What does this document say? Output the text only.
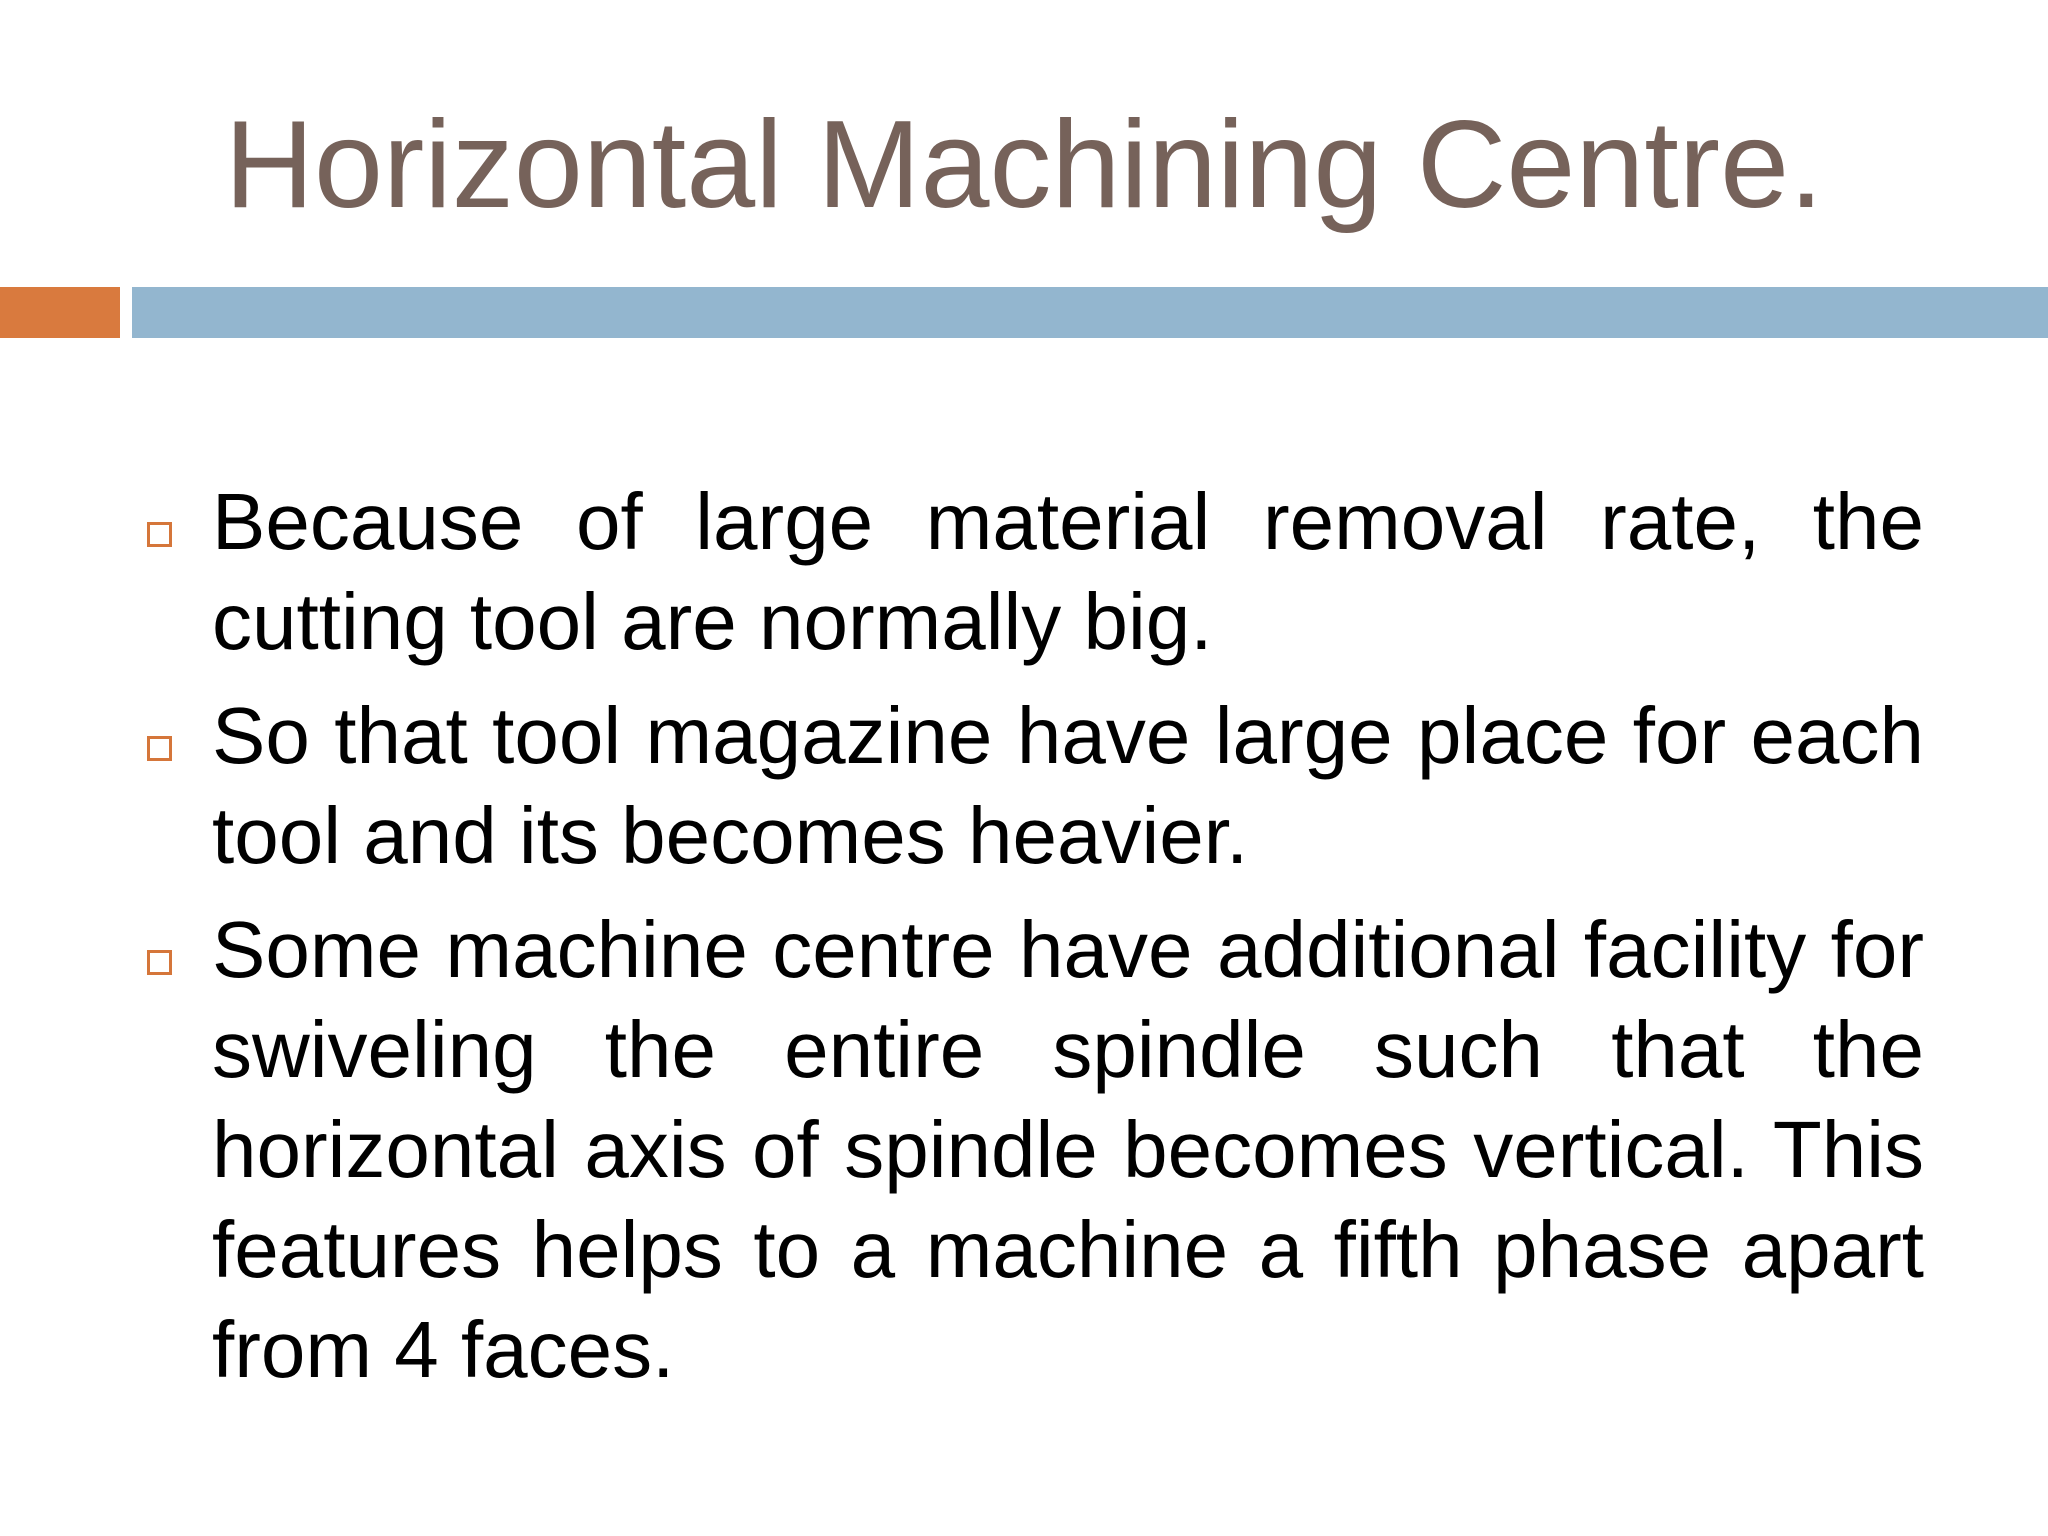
Horizontal Machining Centre.
Because of large material removal rate, the cutting tool are normally big.
So that tool magazine have large place for each tool and its becomes heavier.
Some machine centre have additional facility for swiveling the entire spindle such that the horizontal axis of spindle becomes vertical. This features helps to a machine a fifth phase apart from 4 faces.
